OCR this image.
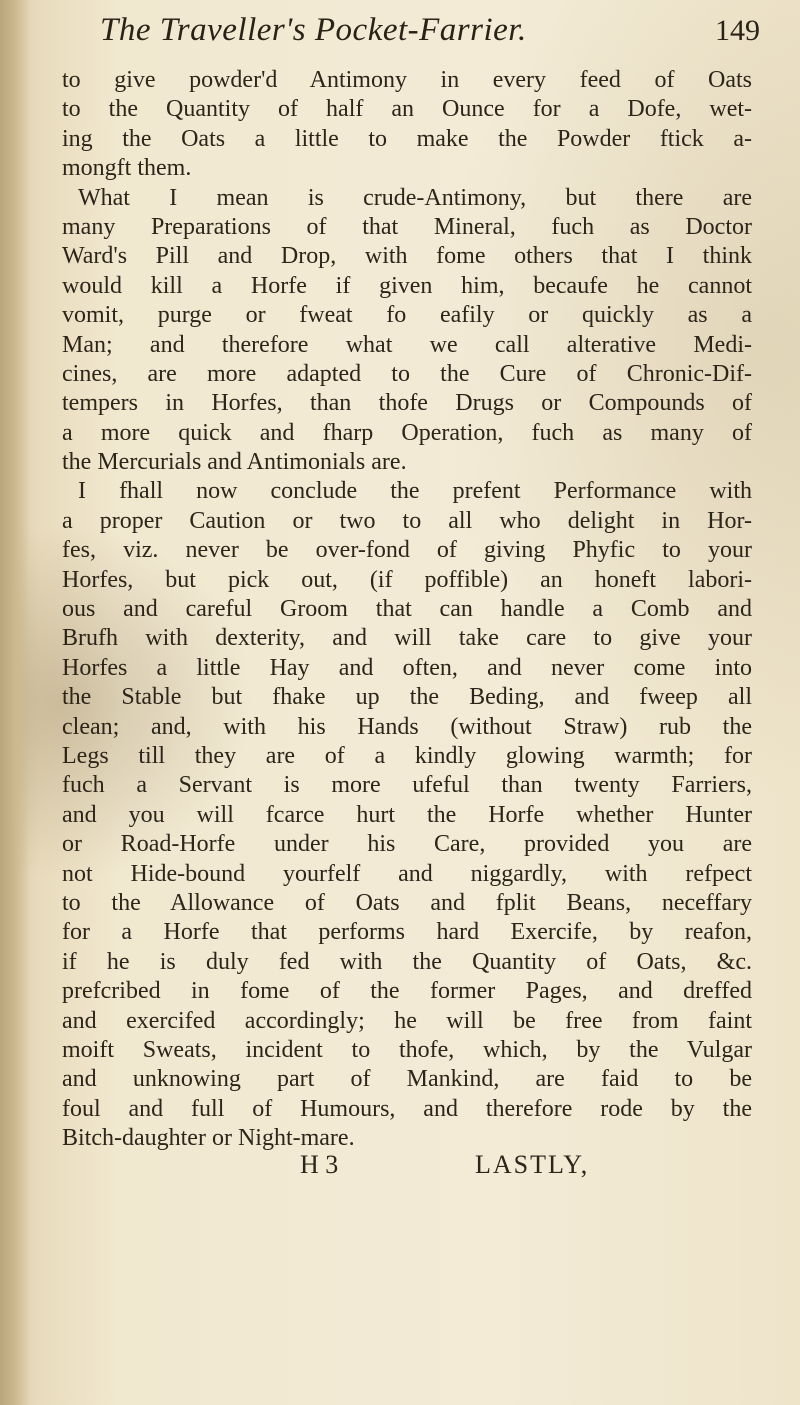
The Traveller's Pocket-Farrier.	149
to give powder'd Antimony in every feed of Oats
to the Quantity of half an Ounce for a Dofe, wet-
ing the Oats a little to make the Powder ftick a-
mongft them.
What I mean is crude-Antimony, but there are
many Preparations of that Mineral, fuch as Doctor
Ward's Pill and Drop, with fome others that I think
would kill a Horfe if given him, becaufe he cannot
vomit, purge or fweat fo eafily or quickly as a
Man; and therefore what we call alterative Medi-
cines, are more adapted to the Cure of Chronic-Dif-
tempers in Horfes, than thofe Drugs or Compounds of
a more quick and fharp Operation, fuch as many of
the Mercurials and Antimonials are.
I fhall now conclude the prefent Performance with
a proper Caution or two to all who delight in Hor-
fes, viz. never be over-fond of giving Phyfic to your
Horfes, but pick out, (if poffible) an honeft labori-
ous and careful Groom that can handle a Comb and
Brufh with dexterity, and will take care to give your
Horfes a little Hay and often, and never come into
the Stable but fhake up the Beding, and fweep all
clean; and, with his Hands (without Straw) rub the
Legs till they are of a kindly glowing warmth; for
fuch a Servant is more ufeful than twenty Farriers,
and you will fcarce hurt the Horfe whether Hunter
or Road-Horfe under his Care, provided you are
not Hide-bound yourfelf and niggardly, with refpect
to the Allowance of Oats and fplit Beans, neceffary
for a Horfe that performs hard Exercife, by reafon,
if he is duly fed with the Quantity of Oats, &c.
prefcribed in fome of the former Pages, and dreffed
and exercifed accordingly; he will be free from faint
moift Sweats, incident to thofe, which, by the Vulgar
and unknowing part of Mankind, are faid to be
foul and full of Humours, and therefore rode by the
Bitch-daughter or Night-mare.
H 3	LASTLY,
